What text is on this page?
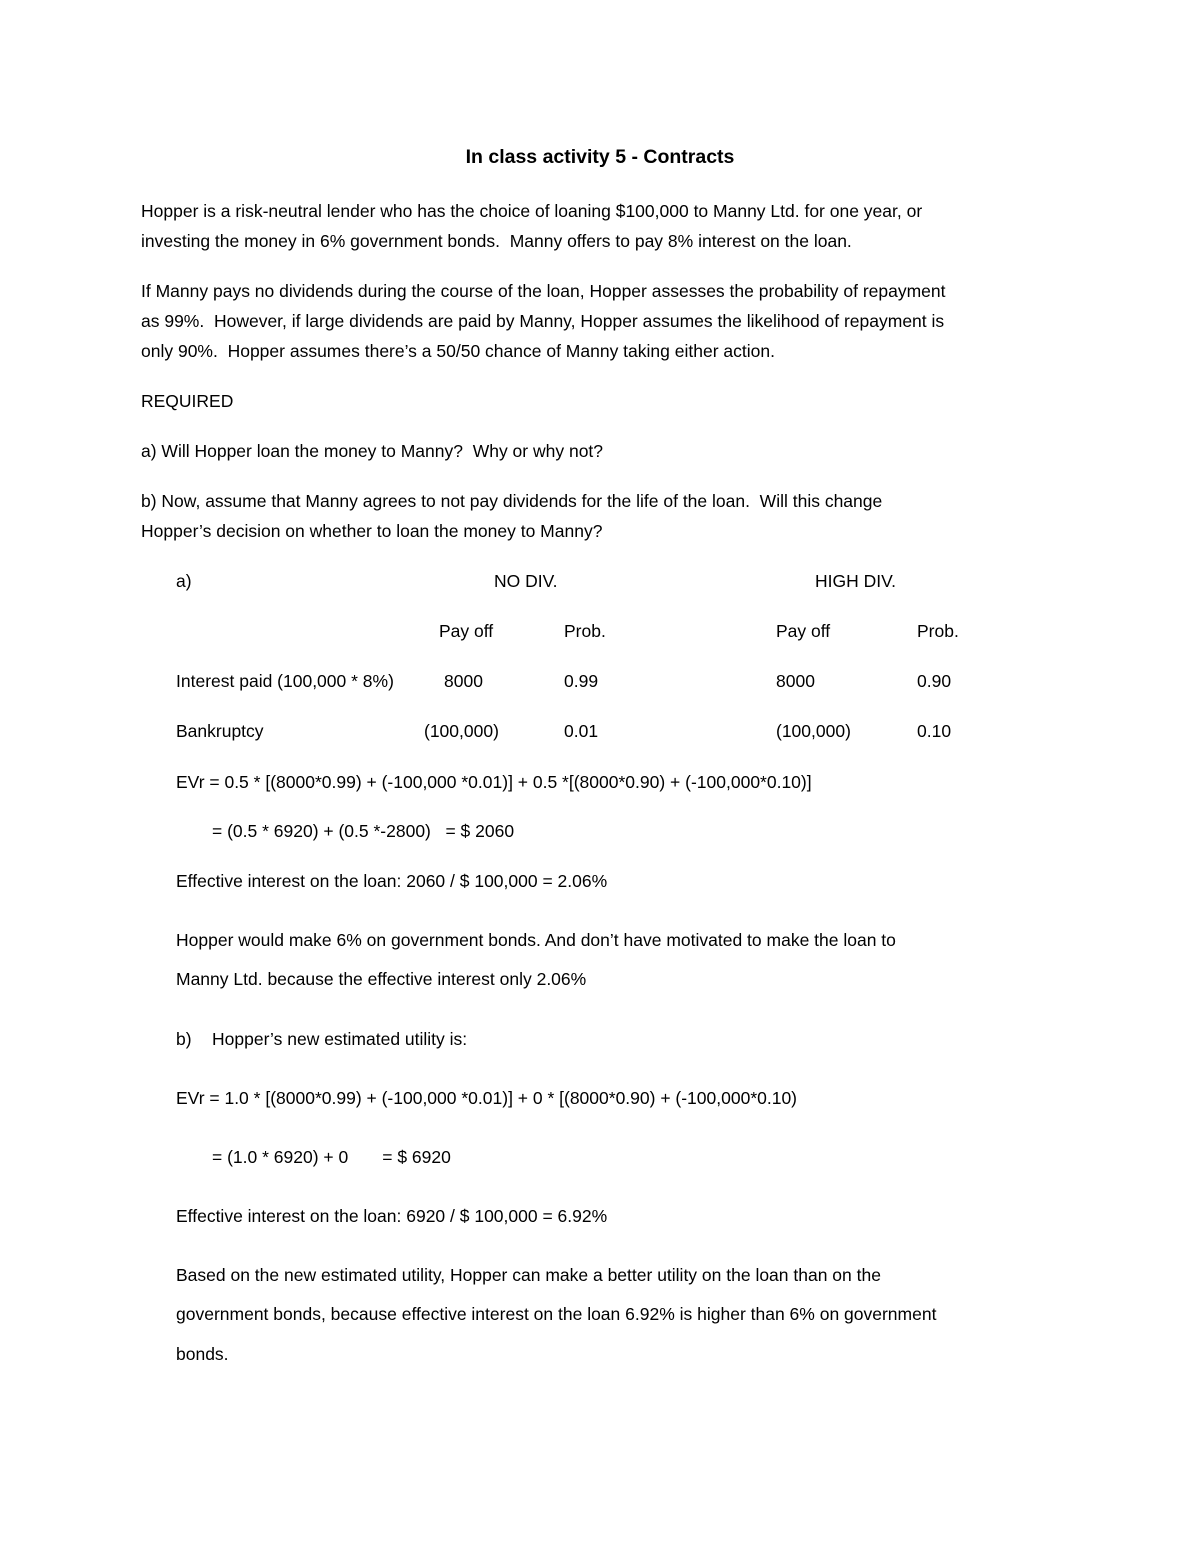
In class activity 5 - Contracts
Hopper is a risk-neutral lender who has the choice of loaning $100,000 to Manny Ltd. for one year, or
investing the money in 6% government bonds.  Manny offers to pay 8% interest on the loan.
If Manny pays no dividends during the course of the loan, Hopper assesses the probability of repayment
as 99%.  However, if large dividends are paid by Manny, Hopper assumes the likelihood of repayment is
only 90%.  Hopper assumes there’s a 50/50 chance of Manny taking either action.
REQUIRED
a) Will Hopper loan the money to Manny?  Why or why not?
b) Now, assume that Manny agrees to not pay dividends for the life of the loan.  Will this change
Hopper’s decision on whether to loan the money to Manny?
a)	NO DIV.	HIGH DIV.
Pay off	Prob.	Pay off	Prob.
Interest paid (100,000 * 8%)	8000	0.99	8000	0.90
Bankruptcy	(100,000)	0.01	(100,000)	0.10
EVr = 0.5 * [(8000*0.99) + (-100,000 *0.01)] + 0.5 *[(8000*0.90) + (-100,000*0.10)]
= (0.5 * 6920) + (0.5 *-2800)   = $ 2060
Effective interest on the loan: 2060 / $ 100,000 = 2.06%
Hopper would make 6% on government bonds. And don’t have motivated to make the loan to
Manny Ltd. because the effective interest only 2.06%
b) Hopper’s new estimated utility is:
EVr = 1.0 * [(8000*0.99) + (-100,000 *0.01)] + 0 * [(8000*0.90) + (-100,000*0.10)
= (1.0 * 6920) + 0       = $ 6920
Effective interest on the loan: 6920 / $ 100,000 = 6.92%
Based on the new estimated utility, Hopper can make a better utility on the loan than on the
government bonds, because effective interest on the loan 6.92% is higher than 6% on government
bonds.
